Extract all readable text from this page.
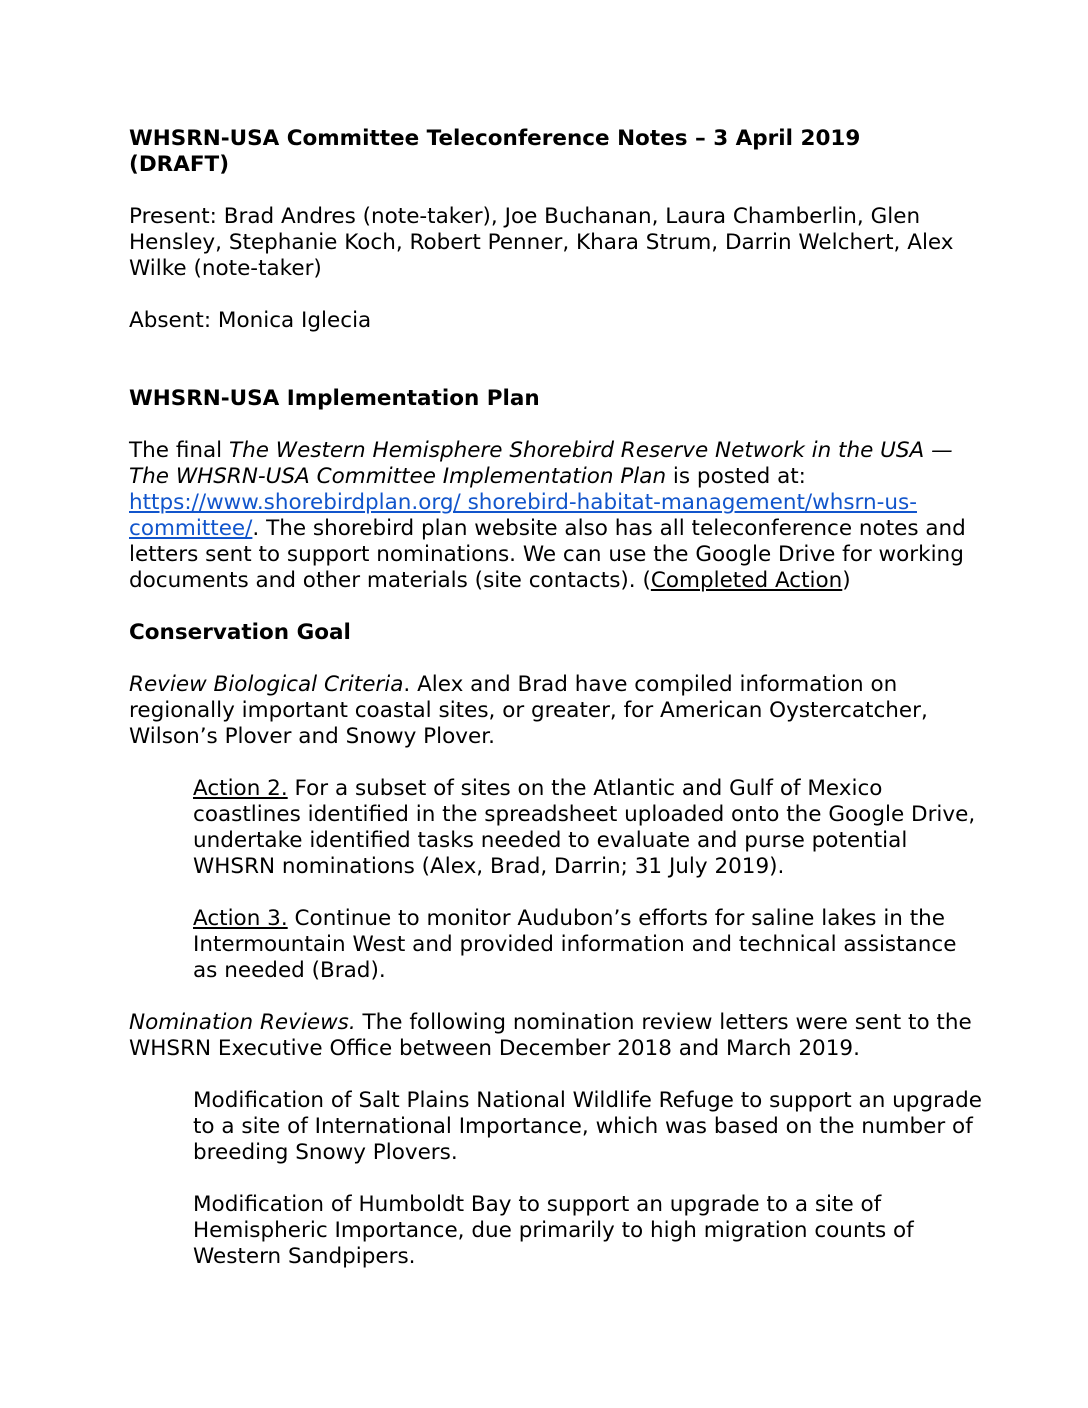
WHSRN-USA Committee Teleconference Notes – 3 April 2019
(DRAFT)

Present: Brad Andres (note-taker), Joe Buchanan, Laura Chamberlin, Glen Hensley, Stephanie Koch, Robert Penner, Khara Strum, Darrin Welchert, Alex Wilke (note-taker)

Absent: Monica Iglecia

WHSRN-USA Implementation Plan

The final The Western Hemisphere Shorebird Reserve Network in the USA — The WHSRN-USA Committee Implementation Plan is posted at: https://www.shorebirdplan.org/ shorebird-habitat-management/whsrn-us-committee/. The shorebird plan website also has all teleconference notes and letters sent to support nominations. We can use the Google Drive for working documents and other materials (site contacts). (Completed Action)

Conservation Goal

Review Biological Criteria. Alex and Brad have compiled information on regionally important coastal sites, or greater, for American Oystercatcher, Wilson’s Plover and Snowy Plover.

Action 2. For a subset of sites on the Atlantic and Gulf of Mexico coastlines identified in the spreadsheet uploaded onto the Google Drive, undertake identified tasks needed to evaluate and purse potential WHSRN nominations (Alex, Brad, Darrin; 31 July 2019).

Action 3. Continue to monitor Audubon’s efforts for saline lakes in the Intermountain West and provided information and technical assistance as needed (Brad).

Nomination Reviews. The following nomination review letters were sent to the WHSRN Executive Office between December 2018 and March 2019.

Modification of Salt Plains National Wildlife Refuge to support an upgrade to a site of International Importance, which was based on the number of breeding Snowy Plovers.

Modification of Humboldt Bay to support an upgrade to a site of Hemispheric Importance, due primarily to high migration counts of Western Sandpipers.
